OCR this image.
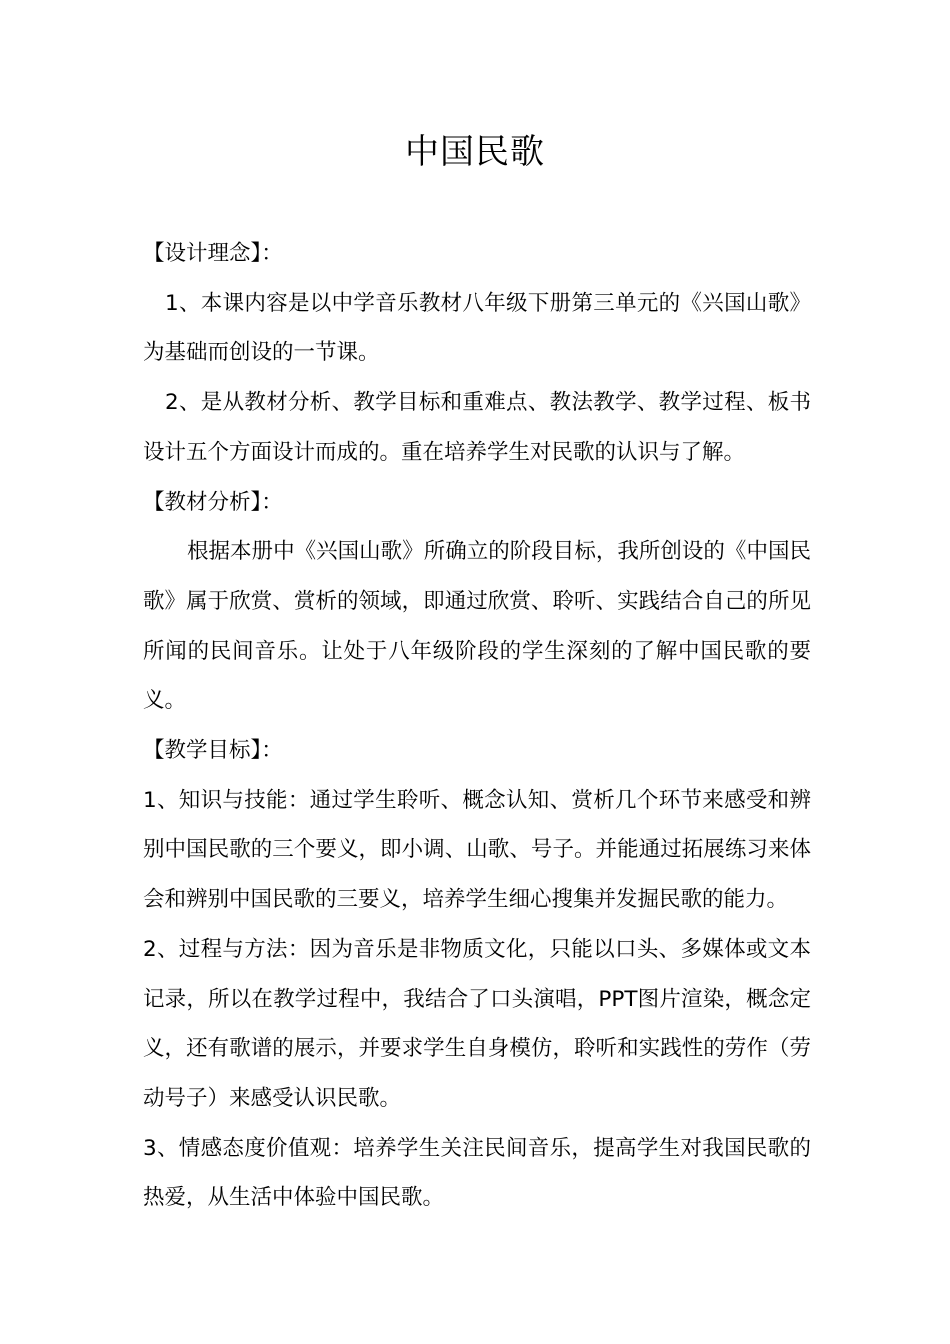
中国民歌

【设计理念】：

1、本课内容是以中学音乐教材八年级下册第三单元的《兴国山歌》为基础而创设的一节课。

2、是从教材分析、教学目标和重难点、教法教学、教学过程、板书设计五个方面设计而成的。重在培养学生对民歌的认识与了解。

【教材分析】：

根据本册中《兴国山歌》所确立的阶段目标，我所创设的《中国民歌》属于欣赏、赏析的领域，即通过欣赏、聆听、实践结合自己的所见所闻的民间音乐。让处于八年级阶段的学生深刻的了解中国民歌的要义。

【教学目标】：

1、知识与技能：通过学生聆听、概念认知、赏析几个环节来感受和辨别中国民歌的三个要义，即小调、山歌、号子。并能通过拓展练习来体会和辨别中国民歌的三要义，培养学生细心搜集并发掘民歌的能力。

2、过程与方法：因为音乐是非物质文化，只能以口头、多媒体或文本记录，所以在教学过程中，我结合了口头演唱，PPT图片渲染，概念定义，还有歌谱的展示，并要求学生自身模仿，聆听和实践性的劳作（劳动号子）来感受认识民歌。

3、情感态度价值观：培养学生关注民间音乐，提高学生对我国民歌的热爱，从生活中体验中国民歌。
